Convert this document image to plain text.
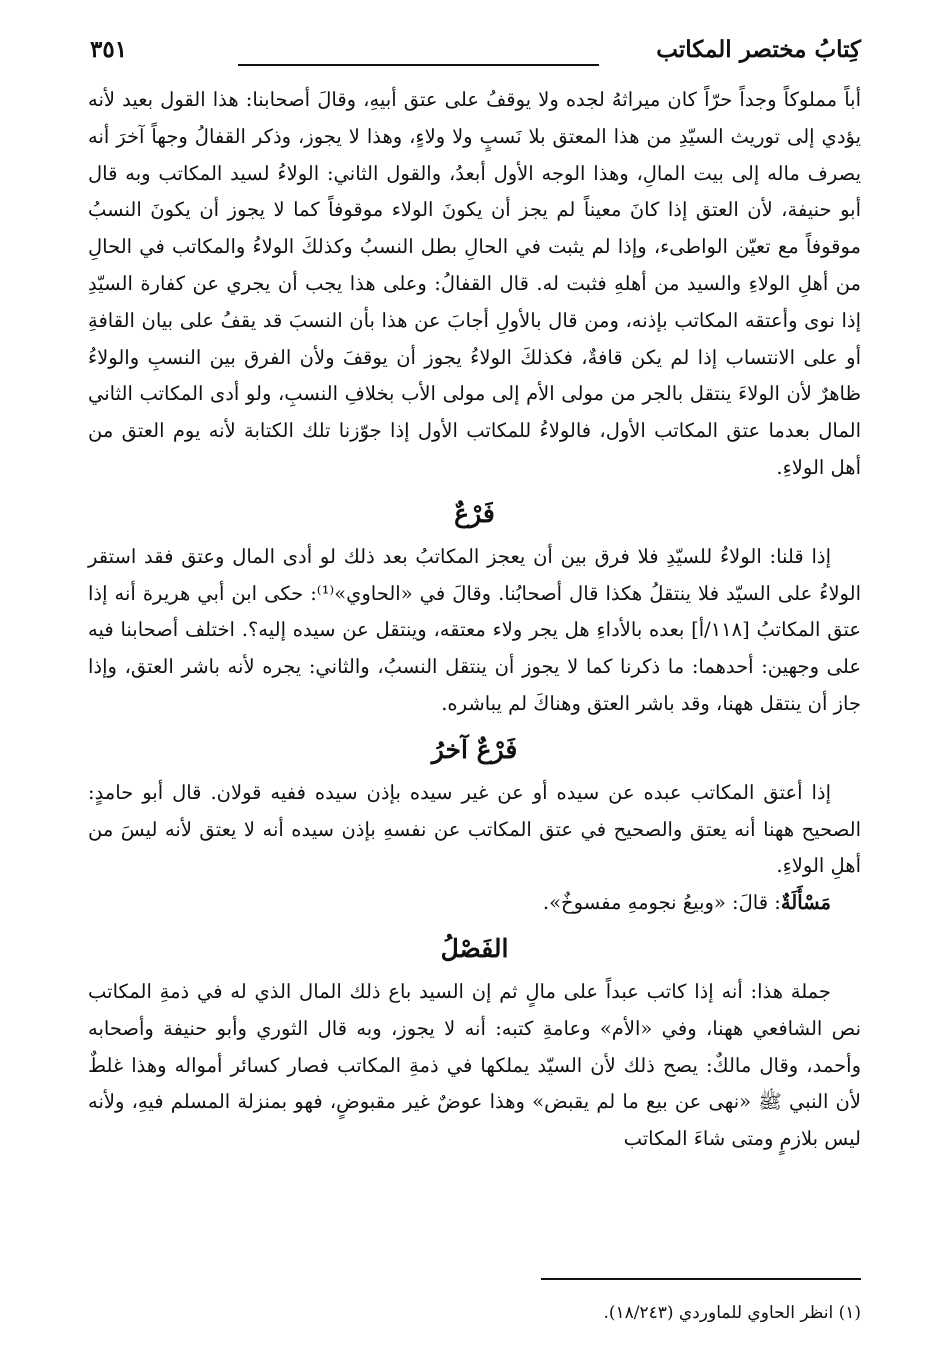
كِتابُ مختصر المكاتب
٣٥١

أباً مملوكاً وجداً حرّاً كان ميراثهُ لجده ولا يوقفُ على عتق أبيهِ، وقالَ أصحابنا: هذا القول بعيد لأنه يؤدي إلى توريث السيّدِ من هذا المعتق بلا نَسبٍ ولا ولاءٍ، وهذا لا يجوز، وذكر القفالُ وجهاً آخرَ أنه يصرف ماله إلى بيت المالِ، وهذا الوجه الأول أبعدُ، والقول الثاني: الولاءُ لسيد المكاتب وبه قال أبو حنيفة، لأن العتق إذا كانَ معيناً لم يجز أن يكونَ الولاء موقوفاً كما لا يجوز أن يكونَ النسبُ موقوفاً مع تعيّن الواطىء، وإذا لم يثبت في الحالِ بطل النسبُ وكذلكَ الولاءُ والمكاتب في الحالِ من أهلِ الولاءِ والسيد من أهلهِ فثبت له. قال القفالُ: وعلى هذا يجب أن يجري عن كفارة السيّدِ إذا نوى وأعتقه المكاتب بإذنه، ومن قال بالأولِ أجابَ عن هذا بأن النسبَ قد يقفُ على بيان القافةِ أو على الانتساب إذا لم يكن قافةٌ، فكذلكَ الولاءُ يجوز أن يوقفَ ولأن الفرق بين النسبِ والولاءُ ظاهرٌ لأن الولاءَ ينتقل بالجر من مولى الأم إلى مولى الأب بخلافِ النسبِ، ولو أدى المكاتب الثاني المال بعدما عتق المكاتب الأول، فالولاءُ للمكاتب الأول إذا جوّزنا تلك الكتابة لأنه يوم العتق من أهل الولاءِ.

فَرْعٌ

إذا قلنا: الولاءُ للسيّدِ فلا فرق بين أن يعجز المكاتبُ بعد ذلك لو أدى المال وعتق فقد استقر الولاءُ على السيّد فلا ينتقلُ هكذا قال أصحابُنا. وقالَ في «الحاوي»⁽¹⁾: حكى ابن أبي هريرة أنه إذا عتق المكاتبُ [١١٨/أ] بعده بالأداءِ هل يجر ولاء معتقه، وينتقل عن سيده إليه؟. اختلف أصحابنا فيه على وجهين: أحدهما: ما ذكرنا كما لا يجوز أن ينتقل النسبُ، والثاني: يجره لأنه باشر العتق، وإذا جاز أن ينتقل ههنا، وقد باشر العتق وهناكَ لم يباشره.

فَرْعٌ آخرُ

إذا أعتق المكاتب عبده عن سيده أو عن غير سيده بإذن سيده ففيه قولان. قال أبو حامدٍ: الصحيح ههنا أنه يعتق والصحيح في عتق المكاتب عن نفسهِ بإذن سيده أنه لا يعتق لأنه ليسَ من أهلِ الولاءِ.

مَسْأَلَةٌ: قالَ: «وبيعُ نجومهِ مفسوخٌ».

الفَصْلُ

جملة هذا: أنه إذا كاتب عبداً على مالٍ ثم إن السيد باع ذلك المال الذي له في ذمةِ المكاتب نص الشافعي ههنا، وفي «الأم» وعامةِ كتبه: أنه لا يجوز، وبه قال الثوري وأبو حنيفة وأصحابه وأحمد، وقال مالكٌ: يصح ذلك لأن السيّد يملكها في ذمةِ المكاتب فصار كسائر أمواله وهذا غلطٌ لأن النبي ﷺ «نهى عن بيع ما لم يقبض» وهذا عوضٌ غير مقبوضٍ، فهو بمنزلة المسلم فيهِ، ولأنه ليس بلازمٍ ومتى شاءَ المكاتب

(١) انظر الحاوي للماوردي (١٨/٢٤٣).
